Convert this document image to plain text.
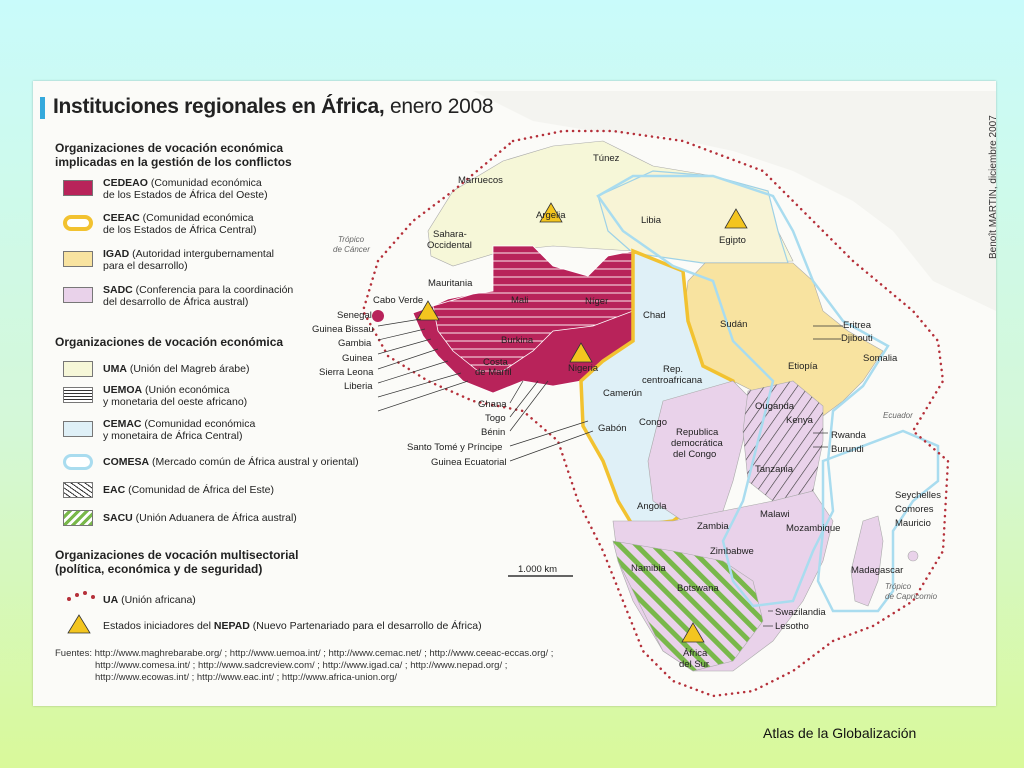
1.000 km
Trópico
de Cáncer
Ecuador
Trópico
de Capricornio
Túnez
Marruecos
Argelia	Libia
Egipto
Sahara-
Occidental
Mauritania
Mali	Níger
Chad
Sudán	Eritrea
Djibouti
Somalia
Etiopía
Cabo Verde
Senegal
Guinea Bissau
Gambia
Guinea
Sierra Leona
Liberia
Burkina
Costa
de Marfil	Nigeria
Ghana
Togo
Bénin
Santo Tomé y Príncipe
Guinea Ecuatorial
Camerún
Gabón
Rep.
centroafricana
Congo
Republica
democrática
del Congo
Ouganda
Kenya
Rwanda
Burundi
Tanzania
Angola
Zambia
Malawi
Mozambique
Zimbabwe
Namibia
Botswana
Swazilandia
Lesotho
África
del Sur
Seychelles
Comores
Mauricio
Madagascar
Instituciones regionales en África, enero 2008
Benoît MARTIN, diciembre 2007
Organizaciones de vocación económica
implicadas en la gestión de los conflictos
CEDEAO (Comunidad económica
de los Estados de África del Oeste)
CEEAC (Comunidad económica
de los Estados de África Central)
IGAD (Autoridad intergubernamental
para el desarrollo)
SADC (Conferencia para la coordinación
del desarrollo de África austral)
Organizaciones de vocación económica
UMA (Unión del Magreb árabe)
UEMOA (Unión económica
y monetaria del oeste africano)
CEMAC (Comunidad económica
y monetaira de África Central)
COMESA (Mercado común de África austral y oriental)
EAC (Comunidad de África del Este)
SACU (Unión Aduanera de África austral)
Organizaciones de vocación multisectorial
(política, económica y de seguridad)
UA (Unión africana)
Estados iniciadores del NEPAD (Nuevo Partenariado para el desarrollo de África)
Fuentes: http://www.maghrebarabe.org/ ; http://www.uemoa.int/ ; http://www.cemac.net/ ; http://www.ceeac-eccas.org/ ;
http://www.comesa.int/ ; http://www.sadcreview.com/ ; http://www.igad.ca/ ; http://www.nepad.org/ ;
http://www.ecowas.int/ ; http://www.eac.int/ ; http://www.africa-union.org/
Atlas de la Globalización
